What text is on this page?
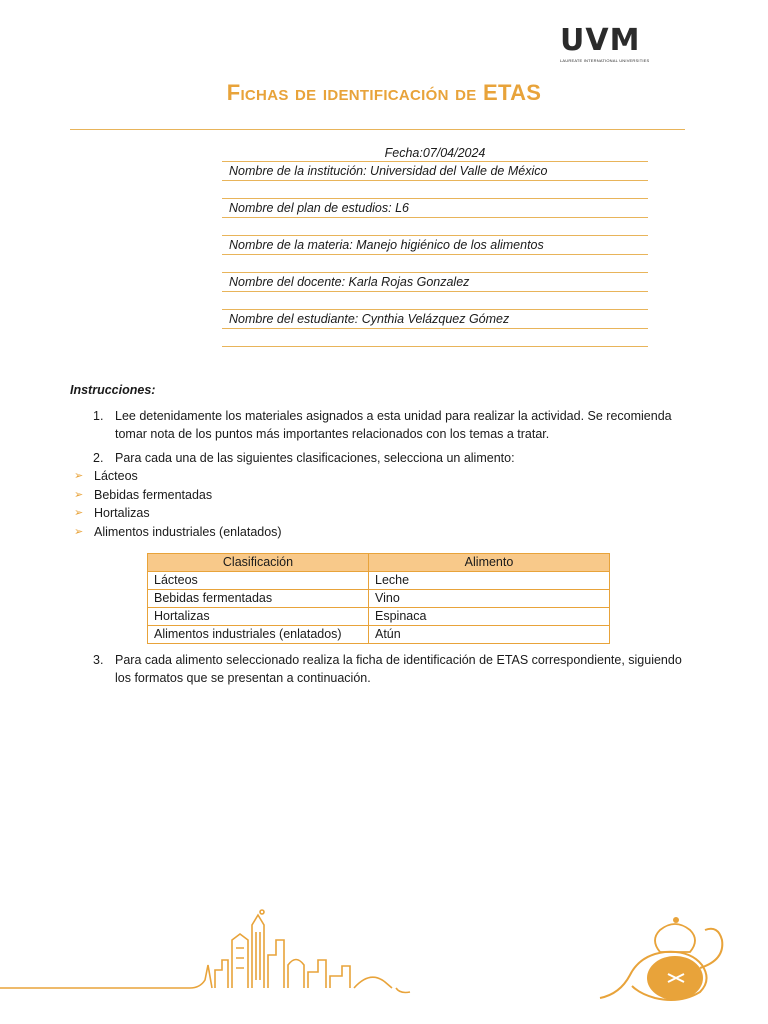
UVM
LAUREATE INTERNATIONAL UNIVERSITIES
Fichas de identificación de ETAS
Fecha:07/04/2024
Nombre de la institución: Universidad del Valle de México
Nombre del plan de estudios: L6
Nombre de la materia: Manejo higiénico de los alimentos
Nombre del docente: Karla Rojas Gonzalez
Nombre del estudiante: Cynthia Velázquez Gómez
Instrucciones:
1. Lee detenidamente los materiales asignados a esta unidad para realizar la actividad. Se recomienda tomar nota de los puntos más importantes relacionados con los temas a tratar.
2. Para cada una de las siguientes clasificaciones, selecciona un alimento:
➢ Lácteos
➢ Bebidas fermentadas
➢ Hortalizas
➢ Alimentos industriales (enlatados)
Clasificación	Alimento
Lácteos	Leche
Bebidas fermentadas	Vino
Hortalizas	Espinaca
Alimentos industriales (enlatados)	Atún
3. Para cada alimento seleccionado realiza la ficha de identificación de ETAS correspondiente, siguiendo los formatos que se presentan a continuación.
